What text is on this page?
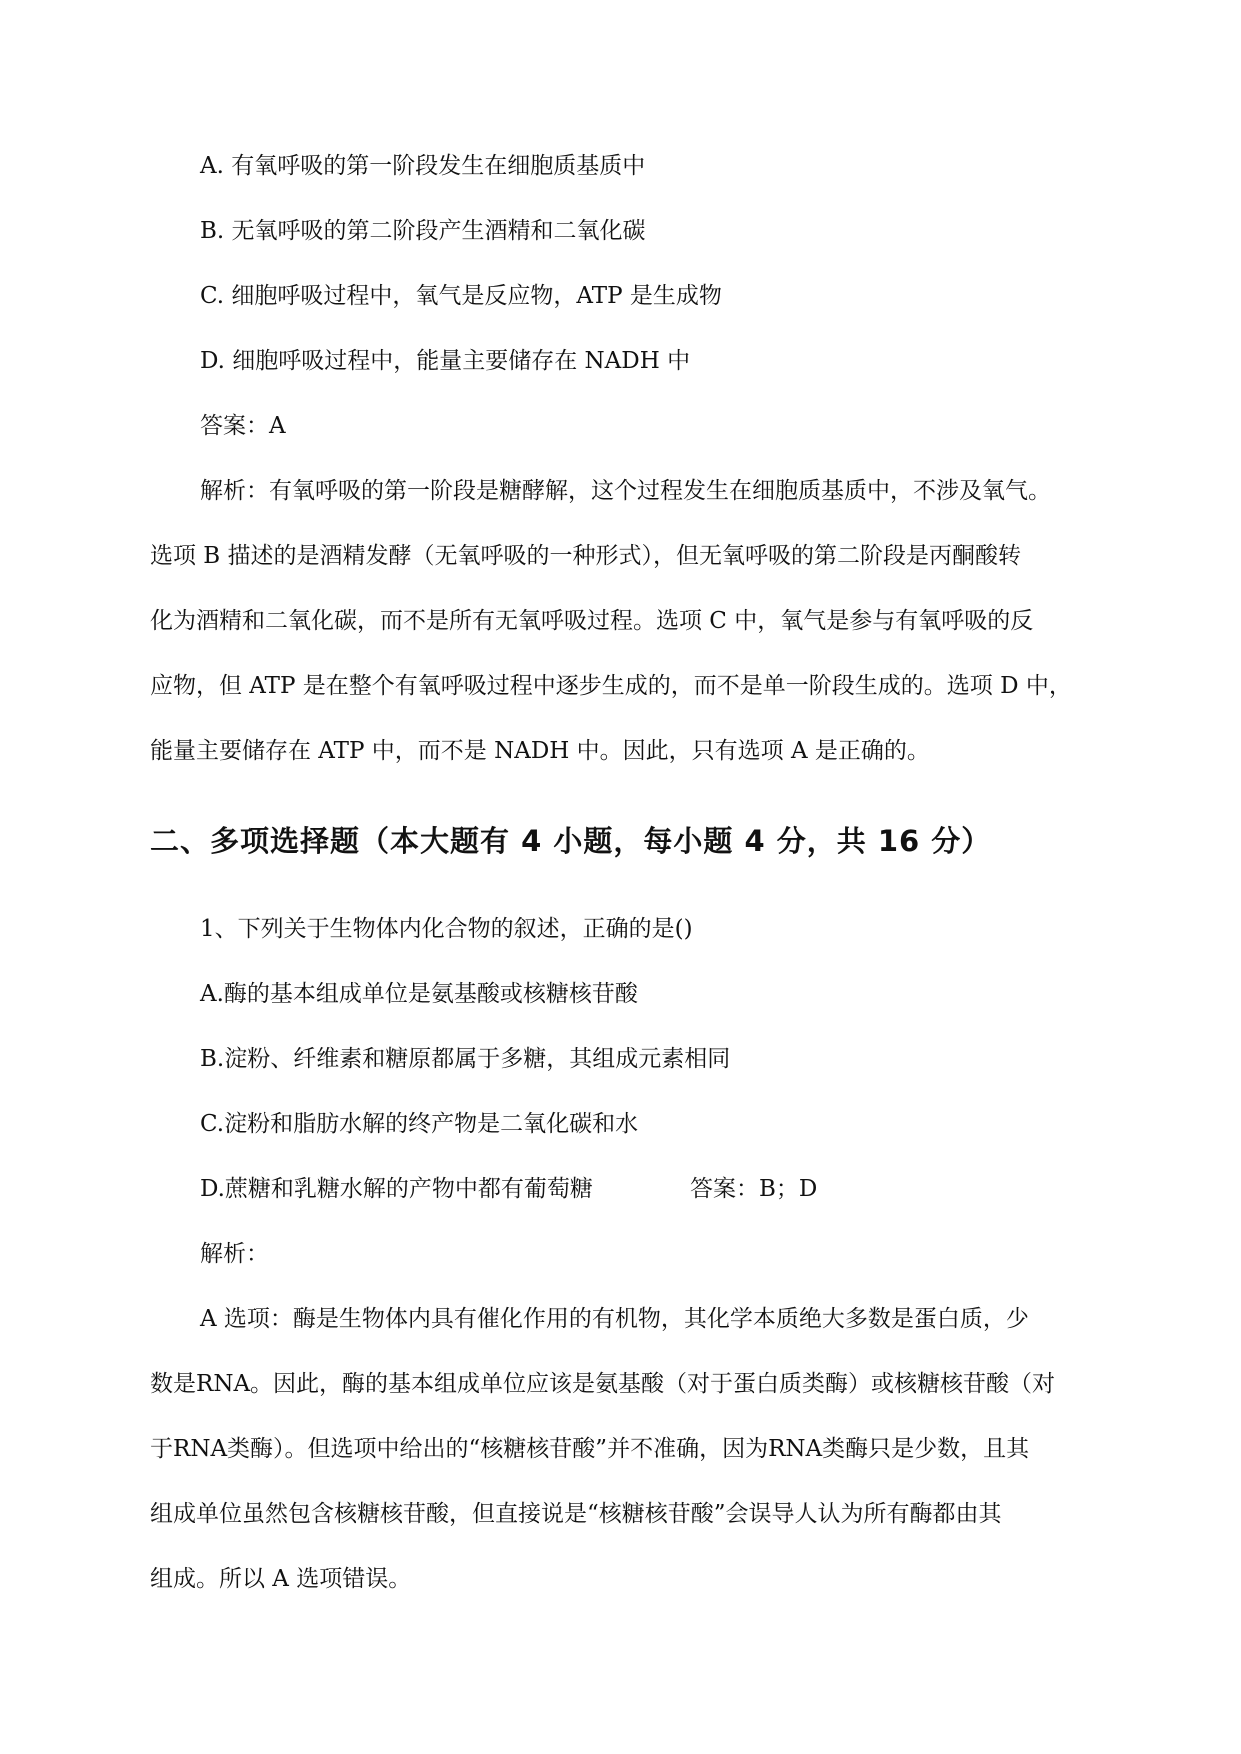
A. 有氧呼吸的第一阶段发生在细胞质基质中
B. 无氧呼吸的第二阶段产生酒精和二氧化碳
C. 细胞呼吸过程中，氧气是反应物，ATP 是生成物
D. 细胞呼吸过程中，能量主要储存在 NADH 中
答案：A
解析：有氧呼吸的第一阶段是糖酵解，这个过程发生在细胞质基质中，不涉及氧气。
选项 B 描述的是酒精发酵（无氧呼吸的一种形式），但无氧呼吸的第二阶段是丙酮酸转
化为酒精和二氧化碳，而不是所有无氧呼吸过程。选项 C 中，氧气是参与有氧呼吸的反
应物，但 ATP 是在整个有氧呼吸过程中逐步生成的，而不是单一阶段生成的。选项 D 中，
能量主要储存在 ATP 中，而不是 NADH 中。因此，只有选项 A 是正确的。
二、多项选择题（本大题有 4 小题，每小题 4 分，共 16 分）
1、下列关于生物体内化合物的叙述，正确的是()
A.酶的基本组成单位是氨基酸或核糖核苷酸
B.淀粉、纤维素和糖原都属于多糖，其组成元素相同
C.淀粉和脂肪水解的终产物是二氧化碳和水
D.蔗糖和乳糖水解的产物中都有葡萄糖	答案：B；D
解析：
A 选项：酶是生物体内具有催化作用的有机物，其化学本质绝大多数是蛋白质，少
数是RNA。因此，酶的基本组成单位应该是氨基酸（对于蛋白质类酶）或核糖核苷酸（对
于RNA类酶）。但选项中给出的“核糖核苷酸”并不准确，因为RNA类酶只是少数，且其
组成单位虽然包含核糖核苷酸，但直接说是“核糖核苷酸”会误导人认为所有酶都由其
组成。所以 A 选项错误。
